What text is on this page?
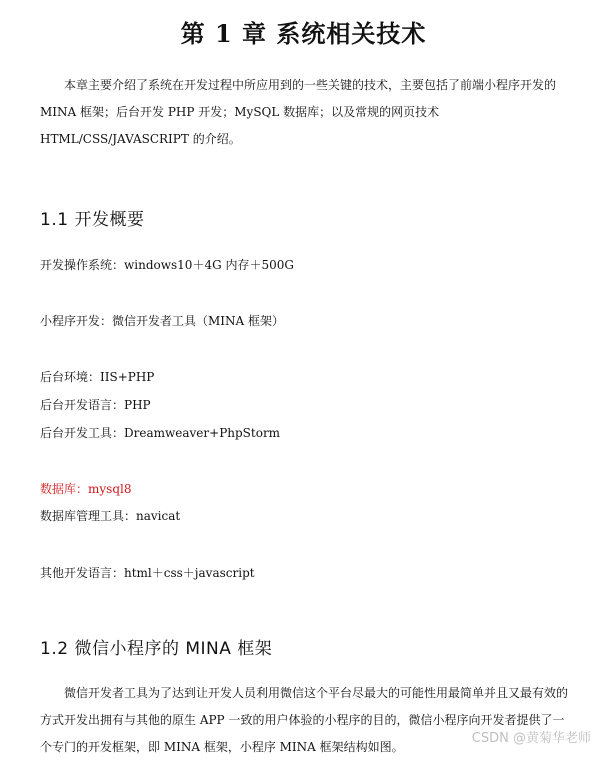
第 1 章 系统相关技术
本章主要介绍了系统在开发过程中所应用到的一些关键的技术，主要包括了前端小程序开发的 MINA 框架；后台开发 PHP 开发；MySQL 数据库；以及常规的网页技术 HTML/CSS/JAVASCRIPT 的介绍。
1.1 开发概要
开发操作系统：windows10＋4G 内存＋500G
小程序开发：微信开发者工具（MINA 框架）
后台环境：IIS+PHP
后台开发语言：PHP
后台开发工具：Dreamweaver+PhpStorm
数据库：mysql8
数据库管理工具：navicat
其他开发语言：html＋css＋javascript
1.2 微信小程序的 MINA 框架
微信开发者工具为了达到让开发人员利用微信这个平台尽最大的可能性用最简单并且又最有效的方式开发出拥有与其他的原生 APP 一致的用户体验的小程序的目的，微信小程序向开发者提供了一个专门的开发框架，即 MINA 框架，小程序 MINA 框架结构如图。
CSDN @黄菊华老师
